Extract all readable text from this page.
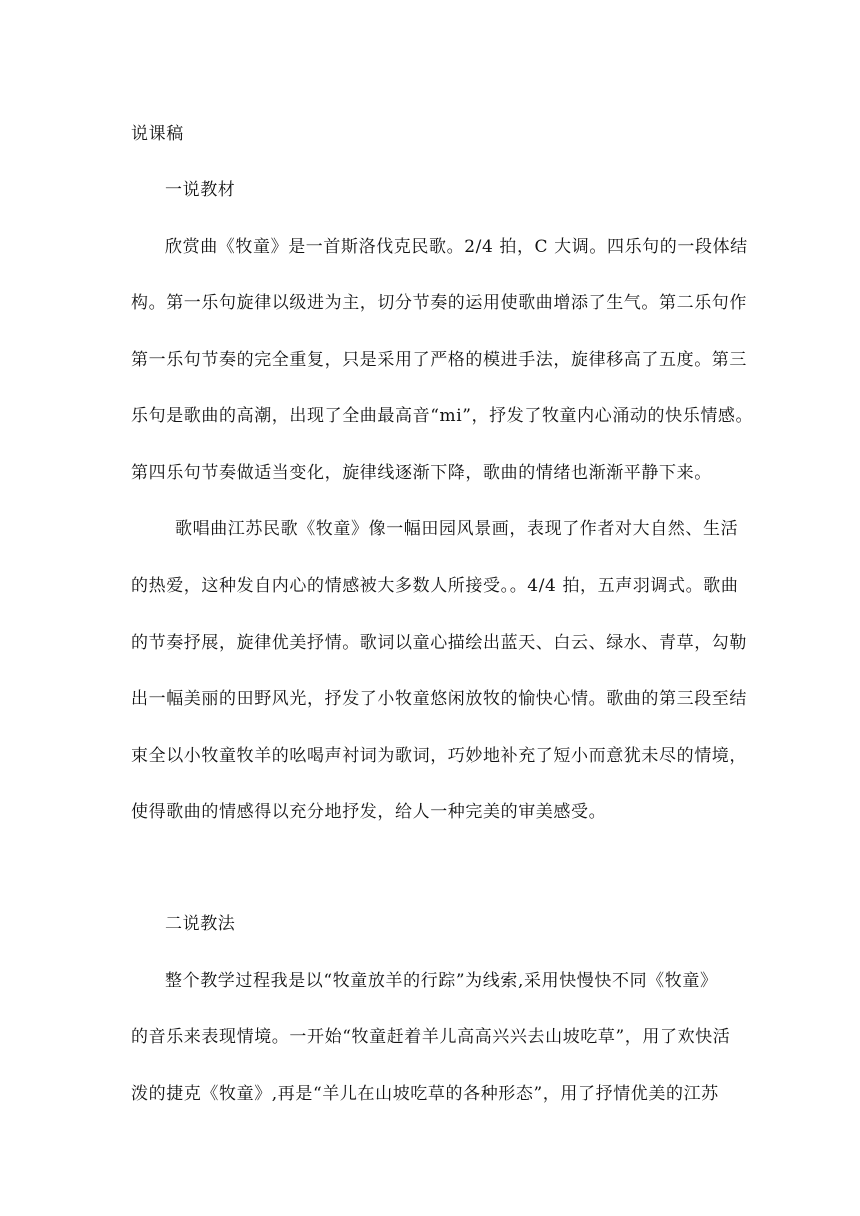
说课稿
一说教材
欣赏曲《牧童》是一首斯洛伐克民歌。2/4 拍，C 大调。四乐句的一段体结
构。第一乐句旋律以级进为主，切分节奏的运用使歌曲增添了生气。第二乐句作
第一乐句节奏的完全重复，只是采用了严格的模进手法，旋律移高了五度。第三
乐句是歌曲的高潮，出现了全曲最高音“mi”，抒发了牧童内心涌动的快乐情感。
第四乐句节奏做适当变化，旋律线逐渐下降，歌曲的情绪也渐渐平静下来。
歌唱曲江苏民歌《牧童》像一幅田园风景画，表现了作者对大自然、生活
的热爱，这种发自内心的情感被大多数人所接受。。4/4 拍，五声羽调式。歌曲
的节奏抒展，旋律优美抒情。歌词以童心描绘出蓝天、白云、绿水、青草，勾勒
出一幅美丽的田野风光，抒发了小牧童悠闲放牧的愉快心情。歌曲的第三段至结
束全以小牧童牧羊的吆喝声衬词为歌词，巧妙地补充了短小而意犹未尽的情境，
使得歌曲的情感得以充分地抒发，给人一种完美的审美感受。
二说教法
整个教学过程我是以“牧童放羊的行踪”为线索,采用快慢快不同《牧童》
的音乐来表现情境。一开始“牧童赶着羊儿高高兴兴去山坡吃草”，用了欢快活
泼的捷克《牧童》,再是“羊儿在山坡吃草的各种形态”，用了抒情优美的江苏
